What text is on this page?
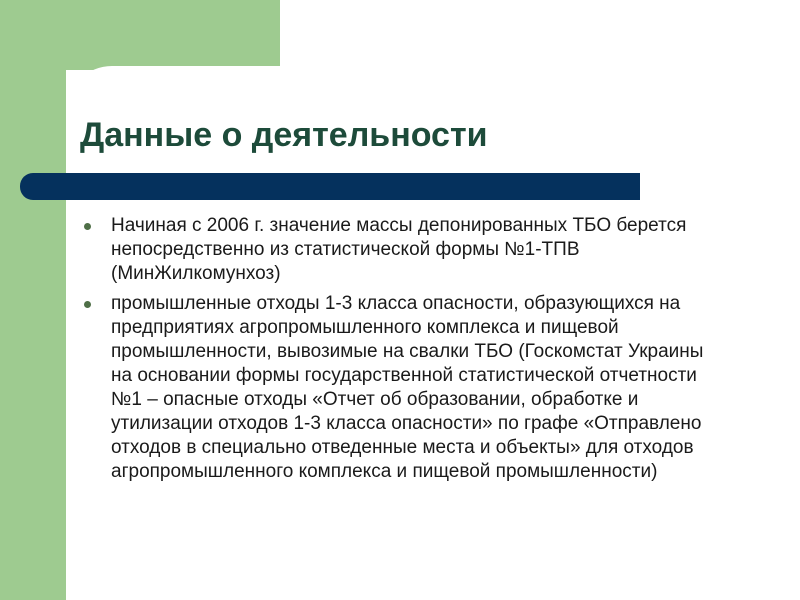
Данные о деятельности
Начиная с 2006 г. значение массы депонированных ТБО берется непосредственно из статистической формы №1-ТПВ (МинЖилкомунхоз)
промышленные отходы 1-3 класса опасности, образующихся на предприятиях агропромышленного комплекса и пищевой промышленности, вывозимые на свалки ТБО (Госкомстат Украины на основании формы государственной статистической отчетности №1 – опасные отходы «Отчет об образовании, обработке и утилизации отходов 1-3 класса опасности» по графе «Отправлено отходов в специально отведенные места и объекты» для отходов агропромышленного комплекса и пищевой промышленности)
